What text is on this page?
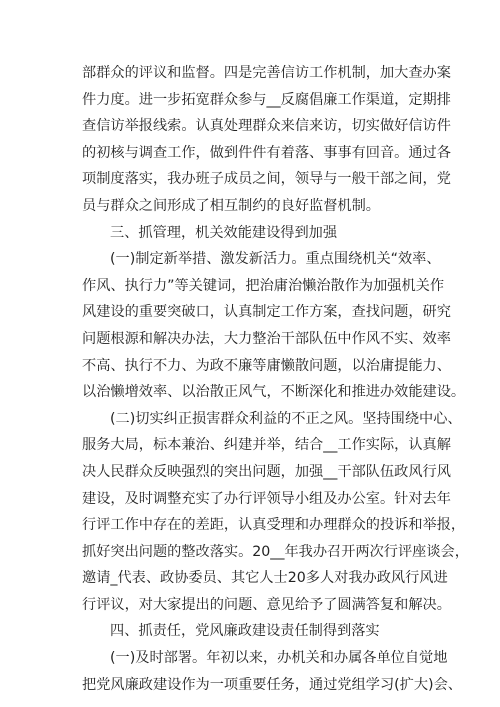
部群众的评议和监督。四是完善信访工作机制，加大查办案
件力度。进一步拓宽群众参与__反腐倡廉工作渠道，定期排
查信访举报线索。认真处理群众来信来访，切实做好信访件
的初核与调查工作，做到件件有着落、事事有回音。通过各
项制度落实，我办班子成员之间，领导与一般干部之间，党
员与群众之间形成了相互制约的良好监督机制。
三、抓管理，机关效能建设得到加强
(一)制定新举措、激发新活力。重点围绕机关“效率、
作风、执行力”等关键词，把治庸治懒治散作为加强机关作
风建设的重要突破口，认真制定工作方案，查找问题，研究
问题根源和解决办法，大力整治干部队伍中作风不实、效率
不高、执行不力、为政不廉等庸懒散问题，以治庸提能力、
以治懒增效率、以治散正风气，不断深化和推进办效能建设。
(二)切实纠正损害群众利益的不正之风。坚持围绕中心、
服务大局，标本兼治、纠建并举，结合__工作实际，认真解
决人民群众反映强烈的突出问题，加强__干部队伍政风行风
建设，及时调整充实了办行评领导小组及办公室。针对去年
行评工作中存在的差距，认真受理和办理群众的投诉和举报，
抓好突出问题的整改落实。20__年我办召开两次行评座谈会，
邀请_代表、政协委员、其它人士20多人对我办政风行风进
行评议，对大家提出的问题、意见给予了圆满答复和解决。
四、抓责任，党风廉政建设责任制得到落实
(一)及时部署。年初以来，办机关和办属各单位自觉地
把党风廉政建设作为一项重要任务，通过党组学习(扩大)会、
